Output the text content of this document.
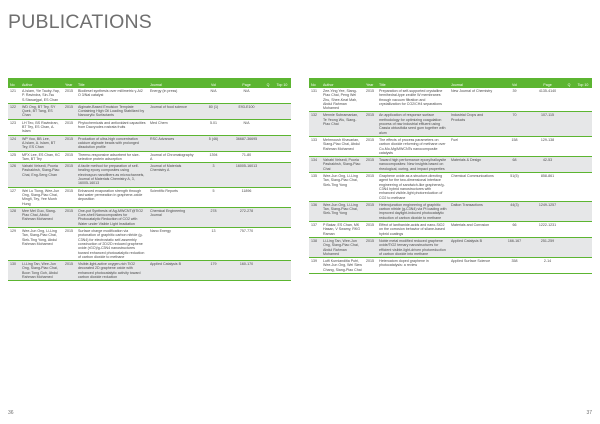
PUBLICATIONS
No	Author	Year	Title	Journal	Vol	Page	Q	Top 10
121	A.Islam, Yie Tauby-Yap, P. Ravindra, Sin-Tsu S.Siswarjgal, ES Chan	2015	Biodiesel synthesis over millimetric γ-Al2 O 3/Nal catalyst	Energy (in press)	N/A	N/A		
122	WD Ong, BT Tey, SY Quek, BT Tang, ES Chan	2015	Alginate-Based Emulsion Template Containing High Oil Loading Stabilized by Nanocrylic Surfactants	Journal of food science	80 (1)	E93-E100		
123	LH Teo, BS Ravindran, BT Tey, ES Chan, A. Islam	2015	Phytochemicals and antioxidant capacities from Dacryodes rostrata fruits	Med Chem	5.01	N/A		
124	WP Voo, BB Lee, A.Islam, A. Islam, BT Tey, ES Chan	2015	Production of ultra-high concentration calcium alginate beads with prolonged dissolution profile	RSC Advances	5 (46)	36687-36695		
125	MFX Lee, ES Chan, KC Tam, BT Tey	2015	Thermo-responsive adsorbent for size-selective protein adsorption	Journal of Chromatography A	1394	71-80		
126	Vahabi Velsedi, Pooria Pasbakhsh, Siang-Piao Chai, Eng-Seng Chan	2015	A facile method for preparation of self-healing epoxy composites using electrospun nanofibers as microchannels, Journal of Materials Chemistry A, 3, 16005-16013	Journal of Materials Chemistry A	3	16005-16013		
127	Wei Lu Tiong, Wee-Jun Ong, Siang-Piao Chai, Mingfi, Tey, Yee Munh Hung	2015	Enhanced evaporation strength through fast water permeation in graphene-oxide deposition	Scientific Reports	5	11896		
128	Mee Mei Guo, Siang-Piao Chai, Abdul Rahman Mohamed	2015	One-pot Synthesis of Ag-MWCNT@TiO2 Core-shell Nanocomposites for Photocatalytic Reduction of CO2 with Water under Visible Light Irradiation	Chemical Engineering Journal	278	272-278		
129	Wee-Jun Ong, Li-Ling Tan, Siang-Piao Chai, Siek-Ting Yong, Abdul Rahman Mohamed	2015	Surface charge modification via protonation of graphitic carbon nitride (g-C3N4) for electrostatic self-assembly construction of 2D/2D reduced graphene oxide (rGO)/g-C3N4 nanostructures toward enhanced photocatalytic reduction of carbon dioxide to methane	Nano Energy	13	757-770		
130	Li-Ling Tan, Wee-Jun Ong, Siang-Piao Chai, Boon Tong Goh, Abdul Rahman Mohamed	2015	Visible-light-active oxygen-rich TiO2 decorated 2D graphene oxide with enhanced photocatalytic activity toward carbon dioxide reduction	Applied Catalysis B	179	160-170		
No	Author	Year	Title	Journal	Vol	Page	Q	Top 10
131	Zee-Ying Yee, Siang-Piao Chai, Peng Wei Zhu, Shee-Keat Mah, Abdul Rahman Mohamed	2015	Preparation of self-supported crystalline hemihedral-type zeolite W membranes through vacuum filtration and crystallization for CO2/CH4 separations	New Journal of Chemistry	39	4135-4140		
132	Mennie Subramanian, Te Yeong Wu, Siang-Piao Chai	2015	An application of response surface methodology for optimizing coagulation process of raw industrial effluent using Cassia obtusifolia seed gum together with alum	Industrial Crops and Products	70	107-115		
133	Mehrnoush Khavarian, Siang-Piao Chai, Abdul Rahman Mohamed	2015	The effects of process parameters on carbon dioxide reforming of methane over Co-Mo-Mg/MWCNTs nanocomposite catalysts	Fuel	158	129-138		
134	Vahabi Velsedi, Pooria Pasbakhsh, Siang-Piao Chai	2015	Toward high performance epoxy/halloysite nanocomposites: New insights based on rheological, curing, and impact properties	Materials & Design	68	42-53		
135	Wee-Jun Ong, Li-Ling Tan, Siang-Piao Chai, Siek-Ting Yong	2015	Graphene oxide as a structure-directing agent for the two-dimensional interface engineering of sandwich-like graphene/g-C3N4 hybrid nanostructures with enhanced visible-light photoreduction of CO2 to methane	Chemical Communications	51(5)	858-861		
136	Wee-Jun Ong, Li-Ling Tan, Siang-Piao Chai, Siek-Ting Yong	2015	Heterojunction engineering of graphitic carbon nitride (g-C3N4) via Pt loading with improved daylight-induced photocatalytic reduction of carbon dioxide to methane	Dalton Transactions	44(3)	1249-1257		
137	P Bakar, ES Chan, MK Hasan, V Swamy, RKG Raman	2015	Effect of lanthanide-acids and nano-SiO2 on the corrosion behavior of silane-based hybrid coatings	Materials and Corrosion	66	1222-1231		
138	Li-Ling Tan, Wee-Jun Ong, Siang-Piao Chai, Abdul Rahman Mohamed	2015	Noble metal modified reduced graphene oxide/TiO2 ternary nanostructures for efficient visible-light-driven photoreduction of carbon dioxide into methane	Applied Catalysis B	166-167	251-259		
139	Lutfi Kurnianditia Putri, Wee-Jun Ong, Wei Siew Chang, Siang-Piao Chai	2015	Heteroatom doped graphene in photocatalysis: a review	Applied Surface Science	358	2-14		
36	37
